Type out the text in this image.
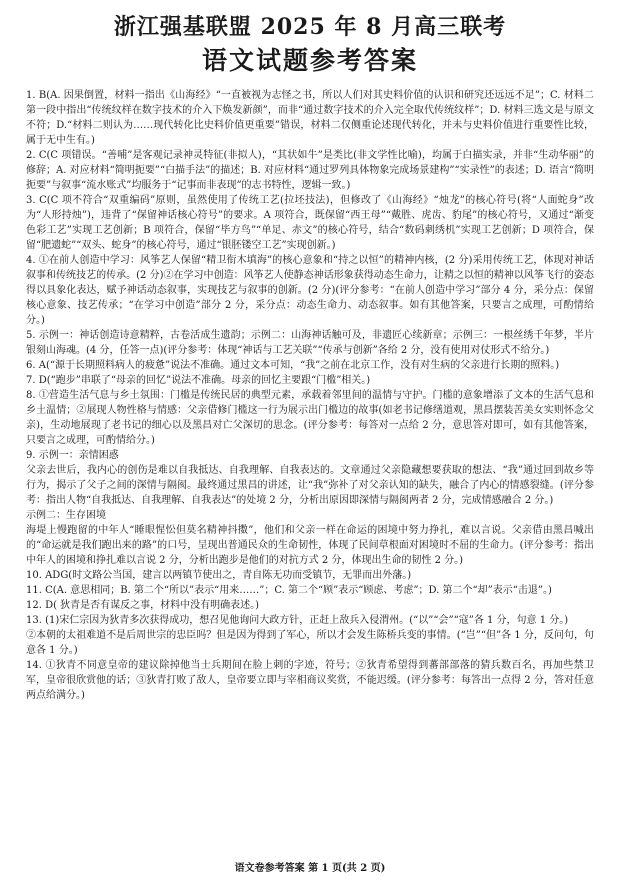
浙江强基联盟 2025 年 8 月高三联考
语文试题参考答案

1. B(A. 因果倒置，材料一指出《山海经》“一直被视为志怪之书，所以人们对其史料价值的认识和研究还远远不足”；C. 材料二第一段中指出“传统纹样在数字技术的介入下焕发新颜”，而非“通过数字技术的介入完全取代传统纹样”；D. 材料三选文是与原文不符；D.“材料二则认为……现代转化比史料价值更重要”错误，材料二仅侧重论述现代转化，并未与史料价值进行重要性比较，属于无中生有。)

2. C(C 项错误。“善哺”是客观记录神灵特征(非拟人)，“其状如牛”是类比(非文学性比喻)，均属于白描实录，并非“生动华丽”的修辞；A. 对应材料“简明扼要”“白描手法”的描述；B. 对应材料“通过罗列具体物象完成场景建构”“实录性”的表述；D. 语言“简明扼要”与叙事“流水账式”均服务于“记事而非表现”的志书特性，逻辑一致。)

3. C(C 项不符合“双重编码”原则，虽然使用了传统工艺(拉坯技法)，但修改了《山海经》“烛龙”的核心符号(将“人面蛇身”改为“人形持烛”)，违背了“保留神话核心符号”的要求。A 项符合，既保留“西王母”“戴胜、虎齿、豹尾”的核心符号，又通过“渐变色彩工艺”实现工艺创新；B 项符合，保留“毕方鸟”“单足、赤文”的核心符号，结合“数码刺绣机”实现工艺创新；D 项符合，保留“肥遗蛇”“双头、蛇身”的核心符号，通过“银胚镂空工艺”实现创新。)

4. ①在前人创造中学习：风筝艺人保留“精卫衔木填海”的核心意象和“持之以恒”的精神内核，(2 分)采用传统工艺，体现对神话叙事和传统技艺的传承。(2 分)②在学习中创造：风筝艺人使静态神话形象获得动态生命力，让精之以恒的精神以风筝飞行的姿态得以具象化表达，赋予神话动态叙事，实现技艺与叙事的创新。(2 分)(评分参考：“在前人创造中学习”部分 4 分，采分点：保留核心意象、技艺传承；“在学习中创造”部分 2 分，采分点：动态生命力、动态叙事。如有其他答案，只要言之成理，可酌情给分。)

5. 示例一：神话创造诗意精粹，古卷活成生遗韵；示例二：山海神话触可及，非遗匠心续新章；示例三：一根丝绣千年梦，半片银刻山海魂。(4 分，任答一点)(评分参考：体现“神话与工艺关联”“传承与创新”各给 2 分，没有使用对仗形式不给分。)

6. A(“源于长期照料病人的疲惫”说法不准确。通过文本可知，“我”之前在北京工作，没有对生病的父亲进行长期的照料。)

7. D(“跑步”串联了“母亲的回忆”说法不准确。母亲的回忆主要跟“门槛”相关。)

8. ①营造生活气息与乡土氛围：门槛是传统民居的典型元素，承载着邻里间的温情与守护。门槛的意象增添了文本的生活气息和乡土温情；②展现人物性格与情感：父亲借修门槛这一行为展示出门槛边的故事(如老书记修缮道观，黑昌摆装苦美女实则怀念父亲)，生动地展现了老书记的细心以及黑昌对亡父深切的思念。(评分参考：每答对一点给 2 分，意思答对即可，如有其他答案，只要言之成理，可酌情给分。)

9. 示例一：亲情困惑

父亲去世后，我内心的创伤是难以自我抵达、自我理解、自我表达的。文章通过父亲隐藏想要获取的想法、“我”通过回到故乡等行为，揭示了父子之间的深情与隔阂。最终通过黑昌的讲述，让“我”弥补了对父亲认知的缺失，融合了内心的情感裂缝。(评分参考：指出人物“自我抵达、自我理解、自我表达”的处境 2 分，分析出原因即深情与隔阂两者 2 分，完成情感融合 2 分。)

示例二：生存困境

海堤上慢跑留的中年人“睡眼惺忪但莫名精神抖擞”，他们和父亲一样在命运的困境中努力挣扎，难以言说。父亲借由黑昌喊出的“命运就是我们跑出来的路”的口号，呈现出普通民众的生命韧性，体现了民间草根面对困境时不屈的生命力。(评分参考：指出中年人的困境和挣扎难以言说 2 分，分析出跑步是他们的对抗方式 2 分，体现出生命的韧性 2 分。)

10. ADG(时文路公当国，建言以两镇节使出之，青自陈无功而受镇节，无罪而出外藩。)

11. C(A. 意思相同；B. 第二个“所以”表示“用来……”；C. 第二个“顾”表示“顾虑、考虑”；D. 第二个“却”表示“击退”。)

12. D( 狄青是否有谋反之事，材料中没有明确表述。)

13. (1)宋仁宗因为狄青多次获得成功，想召见他询问大政方针，正赶上敌兵入侵渭州。(“以”“会”“寇”各 1 分，句意 1 分。)

②本朝的太祖难道不是后周世宗的忠臣吗？但是因为得到了军心，所以才会发生陈桥兵变的事情。(“岂”“但”各 1 分，反问句，句意各 1 分。)

14. ①狄青不同意皇帝的建议除掉他当士兵期间在脸上刺的字迹，符号；②狄青希望得到蕃部部落的猜兵数百名，再加些禁卫军，皇帝很欣赏他的话；③狄青打败了敌人，皇帝要立即与宰相商议奖赏，不能迟缓。(评分参考：每答出一点得 2 分，答对任意两点给满分。)

语文卷参考答案 第 1 页(共 2 页)
